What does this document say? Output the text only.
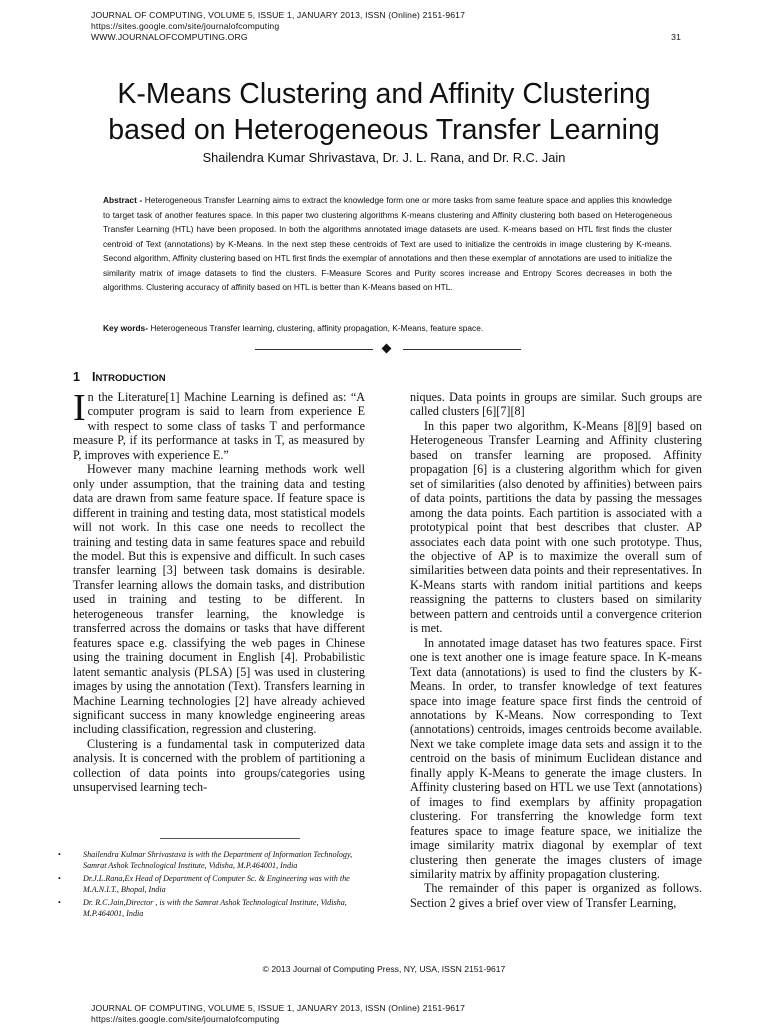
JOURNAL OF COMPUTING, VOLUME 5, ISSUE 1, JANUARY 2013, ISSN (Online) 2151-9617
https://sites.google.com/site/journalofcomputing
WWW.JOURNALOFCOMPUTING.ORG	31
K-Means Clustering and Affinity Clustering
based on Heterogeneous Transfer Learning
Shailendra Kumar Shrivastava, Dr. J. L. Rana, and Dr. R.C. Jain
Abstract - Heterogeneous Transfer Learning aims to extract the knowledge form one or more tasks from same feature space and applies this knowledge to target task of another features space. In this paper two clustering algorithms K-means clustering and Affinity clustering both based on Heterogeneous Transfer Learning (HTL) have been proposed. In both the algorithms annotated image datasets are used. K-means based on HTL first finds the cluster centroid of Text (annotations) by K-Means. In the next step these centroids of Text are used to initialize the centroids in image clustering by K-means. Second algorithm, Affinity clustering based on HTL first finds the exemplar of annotations and then these exemplar of annotations are used to initialize the similarity matrix of image datasets to find the clusters. F-Measure Scores and Purity scores increase and Entropy Scores decreases in both the algorithms. Clustering accuracy of affinity based on HTL is better than K-Means based on HTL.
Key words- Heterogeneous Transfer learning, clustering, affinity propagation, K-Means, feature space.
1 INTRODUCTION

In the Literature[1] Machine Learning is defined as: “A computer program is said to learn from experience E with respect to some class of tasks T and performance measure P, if its performance at tasks in T, as measured by P, improves with experience E.”

However many machine learning methods work well only under assumption, that the training data and testing data are drawn from same feature space. If feature space is different in training and testing data, most statistical models will not work. In this case one needs to recollect the training and testing data in same features space and rebuild the model. But this is expensive and difficult. In such cases transfer learning [3] between task domains is desirable. Transfer learning allows the domain tasks, and distribution used in training and testing to be different. In heterogeneous transfer learning, the knowledge is transferred across the domains or tasks that have different features space e.g. classifying the web pages in Chinese using the training document in English [4]. Probabilistic latent semantic analysis (PLSA) [5] was used in clustering images by using the annotation (Text). Transfers learning in Machine Learning technologies [2] have already achieved significant success in many knowledge engineering areas including classification, regression and clustering.

Clustering is a fundamental task in computerized data analysis. It is concerned with the problem of partitioning a collection of data points into groups/categories using unsupervised learning tech-

•	Shailendra Kulmar Shrivastava is with the Department of Information Technology, Samrat Ashok Technological Institute, Vidisha, M.P.464001, India
•	Dr.J.L.Rana,Ex Head of Department of Computer Sc. & Engineering was with the M.A.N.I.T., Bhopal, India
•	Dr. R.C.Jain,Director , is with the Samrat Ashok Technological Institute, Vidisha, M.P.464001, India

niques. Data points in groups are similar. Such groups are called clusters [6][7][8]

In this paper two algorithm, K-Means [8][9] based on Heterogeneous Transfer Learning and Affinity clustering based on transfer learning are proposed. Affinity propagation [6] is a clustering algorithm which for given set of similarities (also denoted by affinities) between pairs of data points, partitions the data by passing the messages among the data points. Each partition is associated with a prototypical point that best describes that cluster. AP associates each data point with one such prototype. Thus, the objective of AP is to maximize the overall sum of similarities between data points and their representatives. In K-Means starts with random initial partitions and keeps reassigning the patterns to clusters based on similarity between pattern and centroids until a convergence criterion is met.

In annotated image dataset has two features space. First one is text another one is image feature space. In K-means Text data (annotations) is used to find the clusters by K-Means. In order, to transfer knowledge of text features space into image feature space first finds the centroid of annotations by K-Means. Now corresponding to Text (annotations) centroids, images centroids become available. Next we take complete image data sets and assign it to the centroid on the basis of minimum Euclidean distance and finally apply K-Means to generate the image clusters. In Affinity clustering based on HTL we use Text (annotations) of images to find exemplars by affinity propagation clustering. For transferring the knowledge form text features space to image feature space, we initialize the image similarity matrix diagonal by exemplar of text clustering then generate the images clusters of image similarity matrix by affinity propagation clustering.

The remainder of this paper is organized as follows. Section 2 gives a brief over view of Transfer Learning,

© 2013 Journal of Computing Press, NY, USA, ISSN 2151-9617
JOURNAL OF COMPUTING, VOLUME 5, ISSUE 1, JANUARY 2013, ISSN (Online) 2151-9617
https://sites.google.com/site/journalofcomputing
